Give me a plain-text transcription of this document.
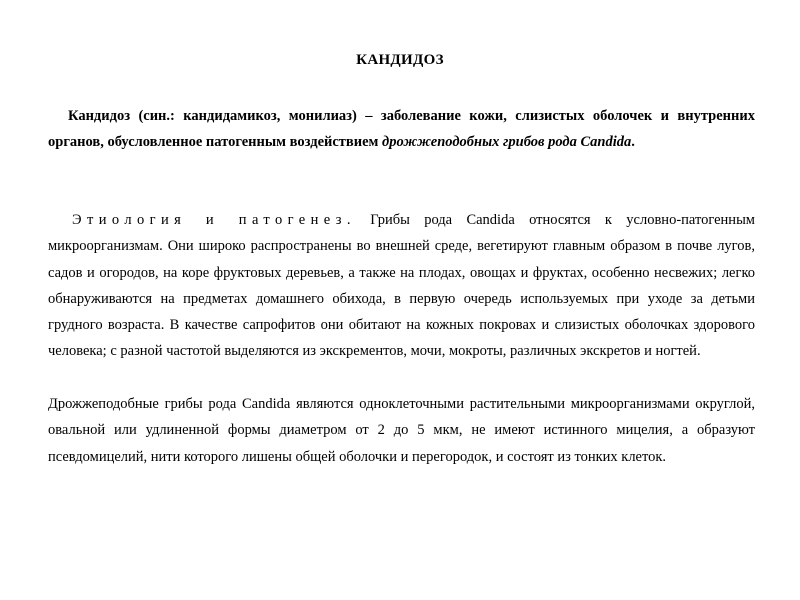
КАНДИДОЗ

Кандидоз (син.: кандидамикоз, монилиаз) – заболевание кожи, слизистых оболочек и внутренних органов, обусловленное патогенным воздействием дрожжеподобных грибов рода Candida.

Этиология и патогенез. Грибы рода Candida относятся к условно-патогенным микроорганизмам. Они широко распространены во внешней среде, вегетируют главным образом в почве лугов, садов и огородов, на коре фруктовых деревьев, а также на плодах, овощах и фруктах, особенно несвежих; легко обнаруживаются на предметах домашнего обихода, в первую очередь используемых при уходе за детьми грудного возраста. В качестве сапрофитов они обитают на кожных покровах и слизистых оболочках здорового человека; с разной частотой выделяются из экскрементов, мочи, мокроты, различных экскретов и ногтей.

Дрожжеподобные грибы рода Candida являются одноклеточными растительными микроорганизмами округлой, овальной или удлиненной формы диаметром от 2 до 5 мкм, не имеют истинного мицелия, а образуют псевдомицелий, нити которого лишены общей оболочки и перегородок, и состоят из тонких клеток.
